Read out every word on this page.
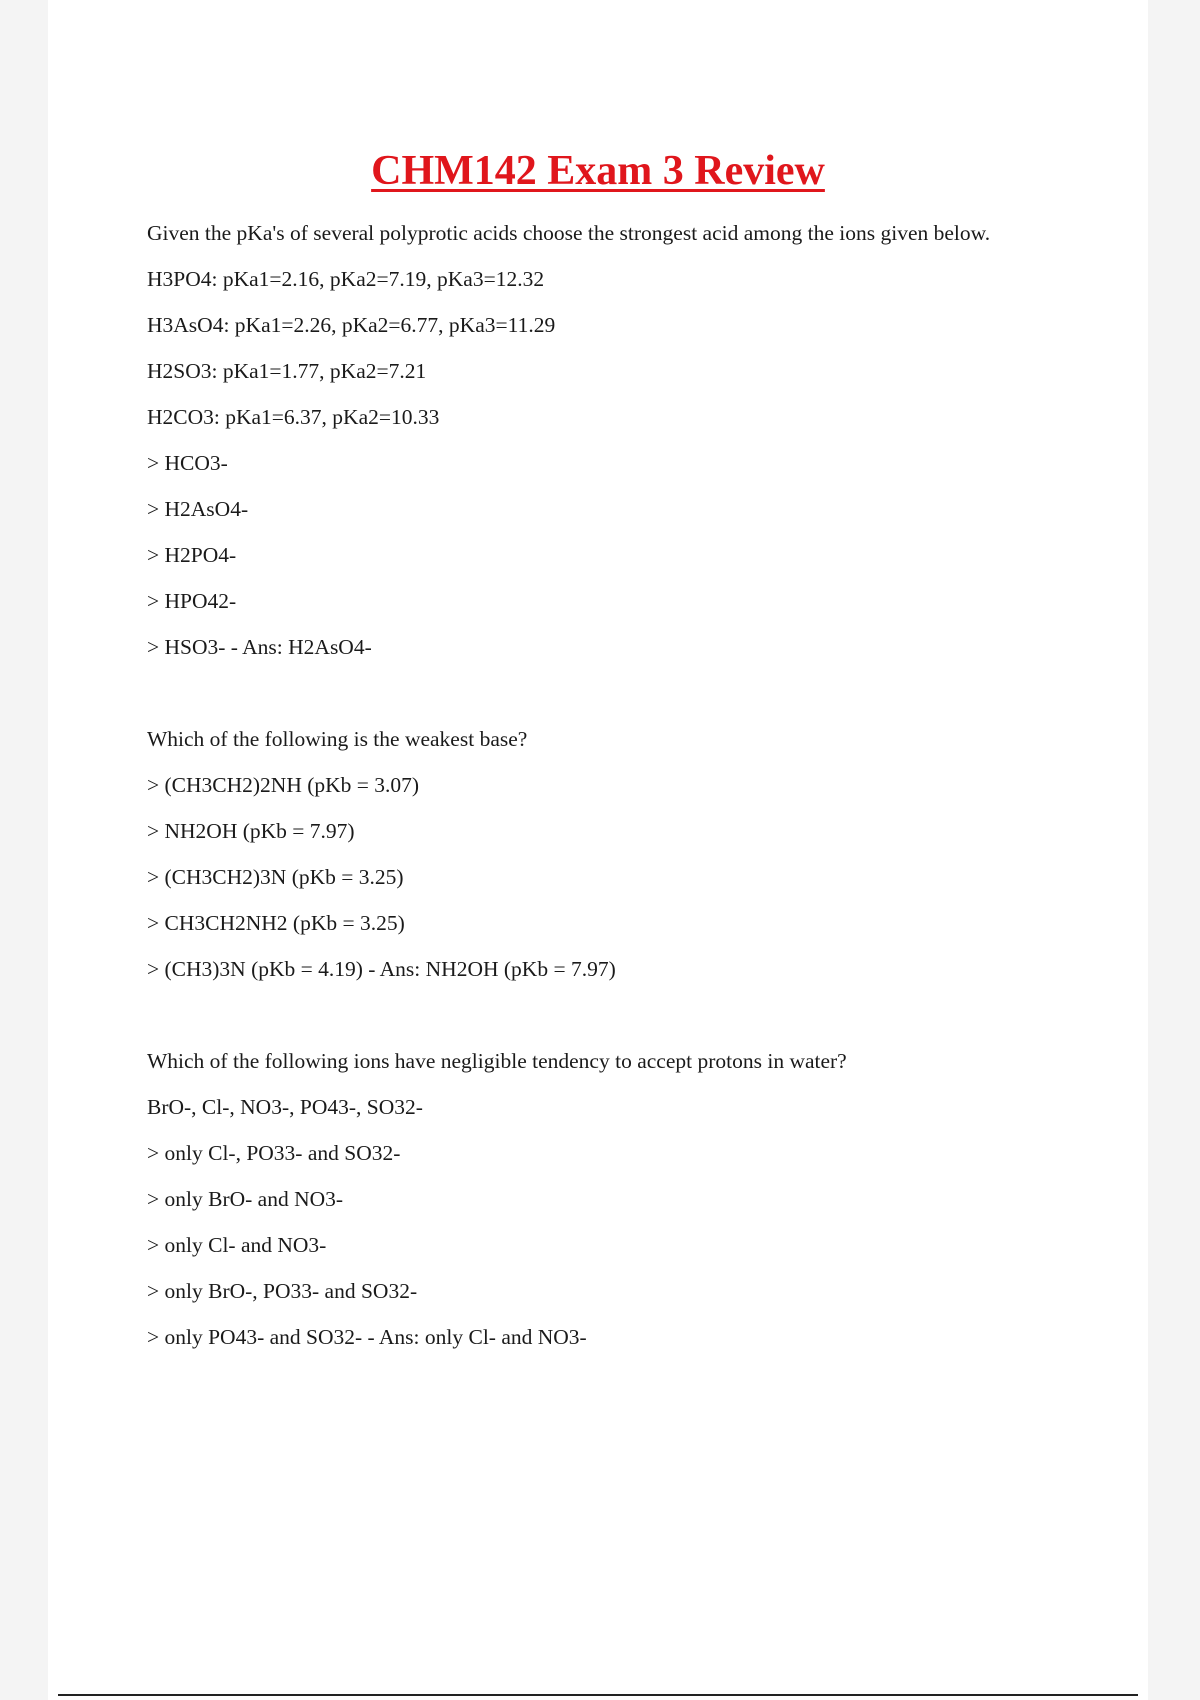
CHM142 Exam 3 Review
Given the pKa's of several polyprotic acids choose the strongest acid among the ions given below.
H3PO4: pKa1=2.16, pKa2=7.19, pKa3=12.32
H3AsO4: pKa1=2.26, pKa2=6.77, pKa3=11.29
H2SO3: pKa1=1.77, pKa2=7.21
H2CO3: pKa1=6.37, pKa2=10.33
> HCO3-
> H2AsO4-
> H2PO4-
> HPO42-
> HSO3- - Ans: H2AsO4-
Which of the following is the weakest base?
> (CH3CH2)2NH (pKb = 3.07)
> NH2OH (pKb = 7.97)
> (CH3CH2)3N (pKb = 3.25)
> CH3CH2NH2 (pKb = 3.25)
> (CH3)3N (pKb = 4.19) - Ans: NH2OH (pKb = 7.97)
Which of the following ions have negligible tendency to accept protons in water?
BrO-, Cl-, NO3-, PO43-, SO32-
> only Cl-, PO33- and SO32-
> only BrO- and NO3-
> only Cl- and NO3-
> only BrO-, PO33- and SO32-
> only PO43- and SO32- - Ans: only Cl- and NO3-
